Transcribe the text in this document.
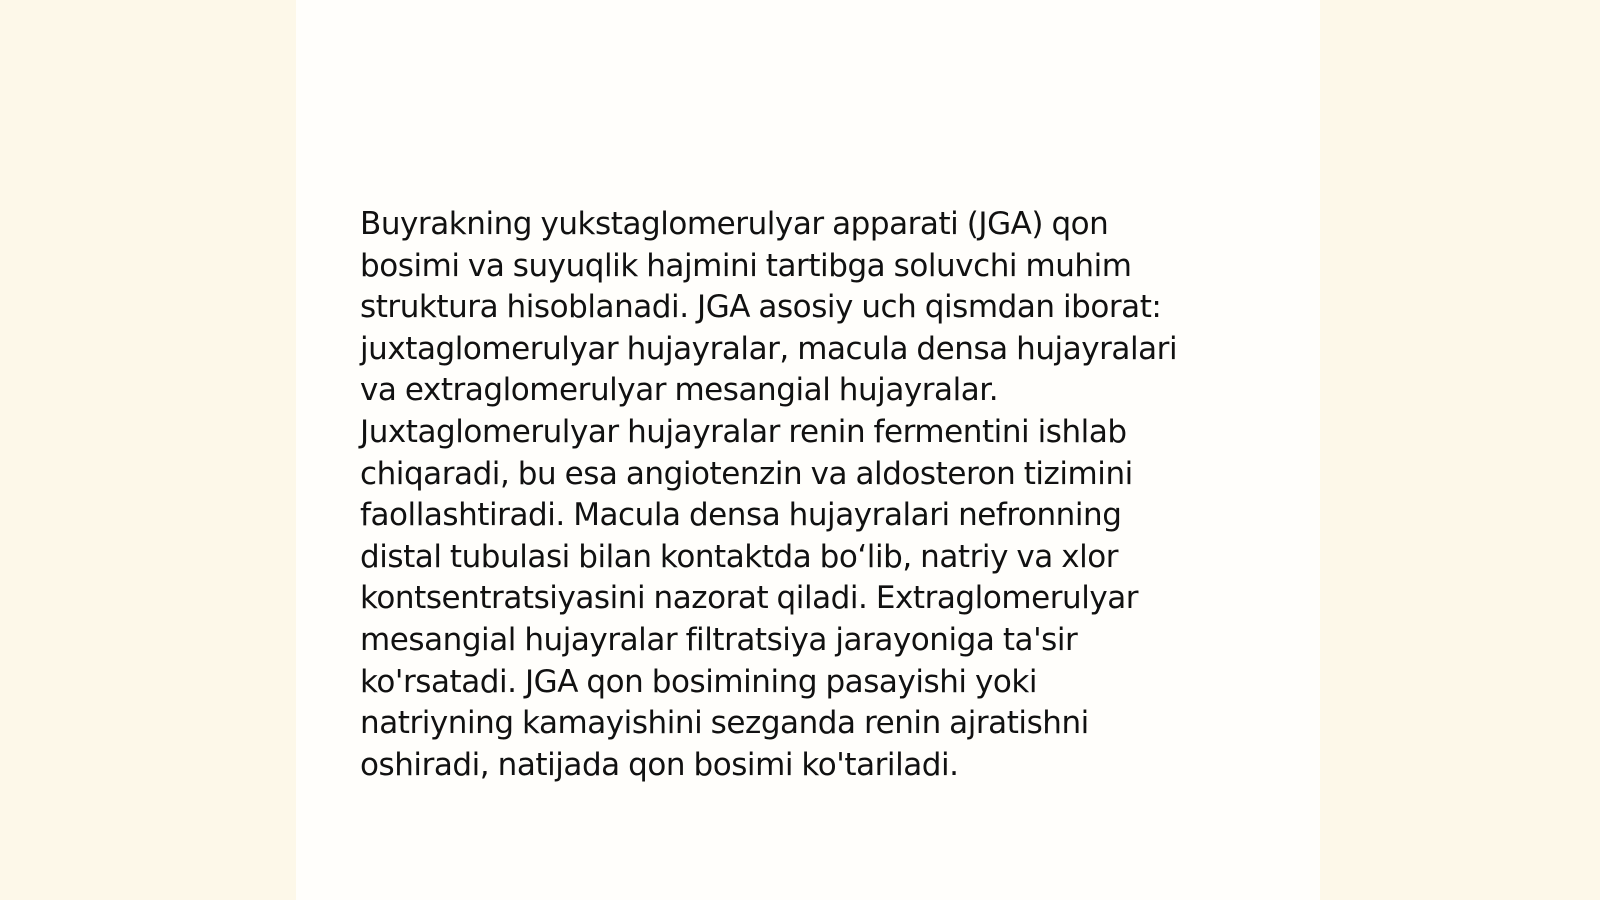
Buyrakning yukstaglomerulyar apparati (JGA) qon
bosimi va suyuqlik hajmini tartibga soluvchi muhim
struktura hisoblanadi. JGA asosiy uch qismdan iborat:
juxtaglomerulyar hujayralar, macula densa hujayralari
va extraglomerulyar mesangial hujayralar.
Juxtaglomerulyar hujayralar renin fermentini ishlab
chiqaradi, bu esa angiotenzin va aldosteron tizimini
faollashtiradi. Macula densa hujayralari nefronning
distal tubulasi bilan kontaktda bo‘lib, natriy va xlor
kontsentratsiyasini nazorat qiladi. Extraglomerulyar
mesangial hujayralar filtratsiya jarayoniga ta'sir
ko'rsatadi. JGA qon bosimining pasayishi yoki
natriyning kamayishini sezganda renin ajratishni
oshiradi, natijada qon bosimi ko'tariladi.
